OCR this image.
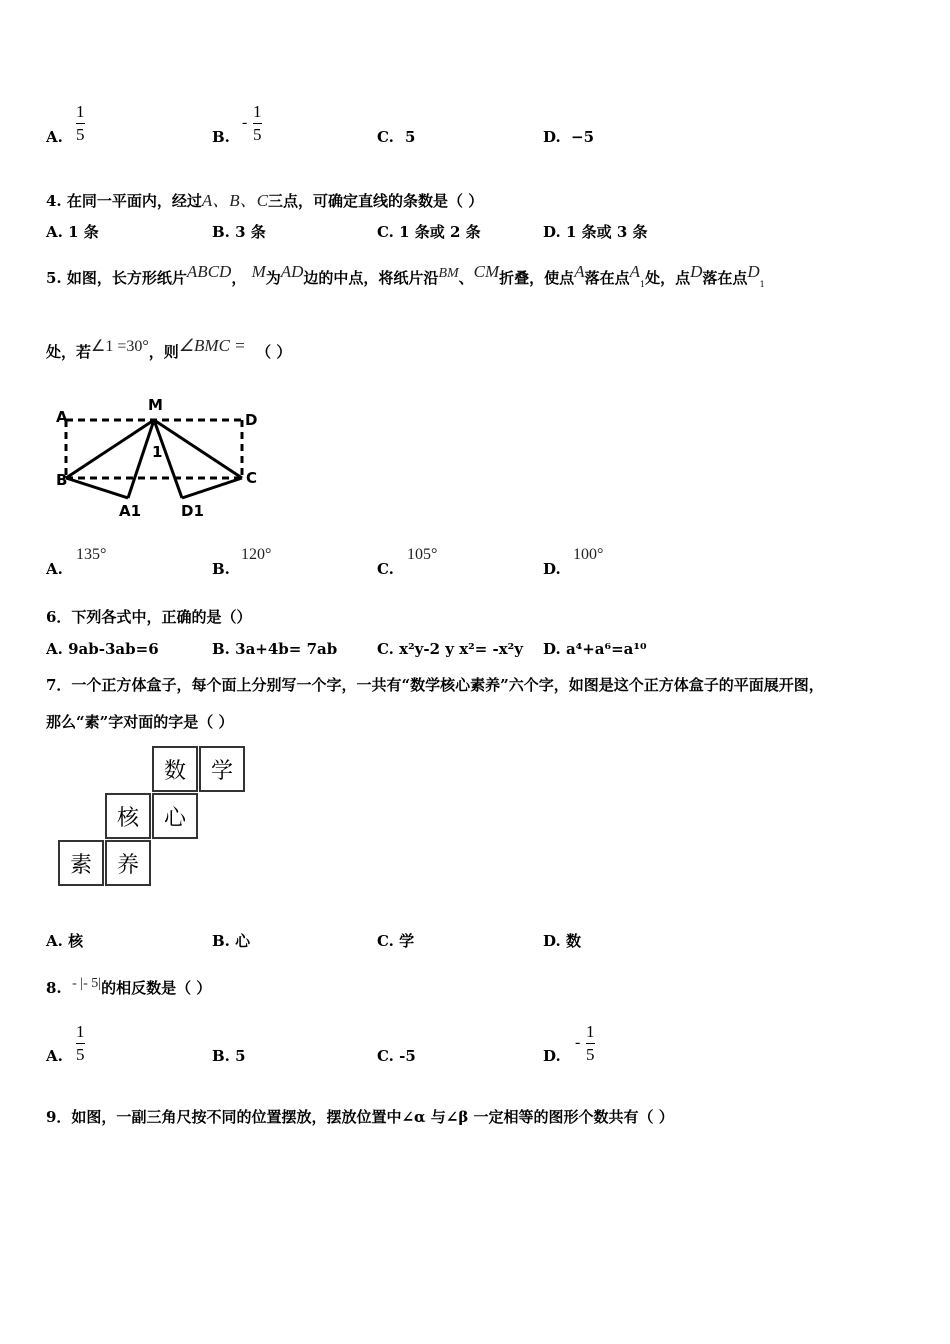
A.
1
5	B.
-
1
5	C. 5	D. −5
4. 在同一平面内，经过A、B、C三点，可确定直线的条数是（ ）
A. 1 条	B. 3 条	C. 1 条或 2 条	D. 1 条或 3 条
5. 如图，长方形纸片$^{ABCD}$， $^M$为$^{AD}$边的中点，将纸片沿$^{BM}$、$^{CM}$折叠，使点$^A$落在点$^A_1$处，点$^D$落在点$^D_1$
处，若$^{\angle 1 =30^\circ}$，则$^{\angle BMC =}$ （ ）
A
M
D
B	C
A1	D1
1
A.
135°
B.
120°
C.
105°
D.
100°
6．下列各式中，正确的是（）
A. 9ab-3ab=6	B. 3a+4b= 7ab	C. x²y-2 y x²= -x²y D. a⁴+a⁶=a¹⁰
7．一个正方体盒子，每个面上分别写一个字，一共有“数学核心素养”六个字，如图是这个正方体盒子的平面展开图，
那么“素”字对面的字是（ ）
数	学
核	心
素	养
A. 核	B. 心	C. 学	D. 数
8. $^{- |- 5|}$的相反数是（ ）
A.
1
5	B. 5	C. -5	D.
-
1
5
9．如图，一副三角尺按不同的位置摆放，摆放位置中∠α 与∠β 一定相等的图形个数共有（ ）
